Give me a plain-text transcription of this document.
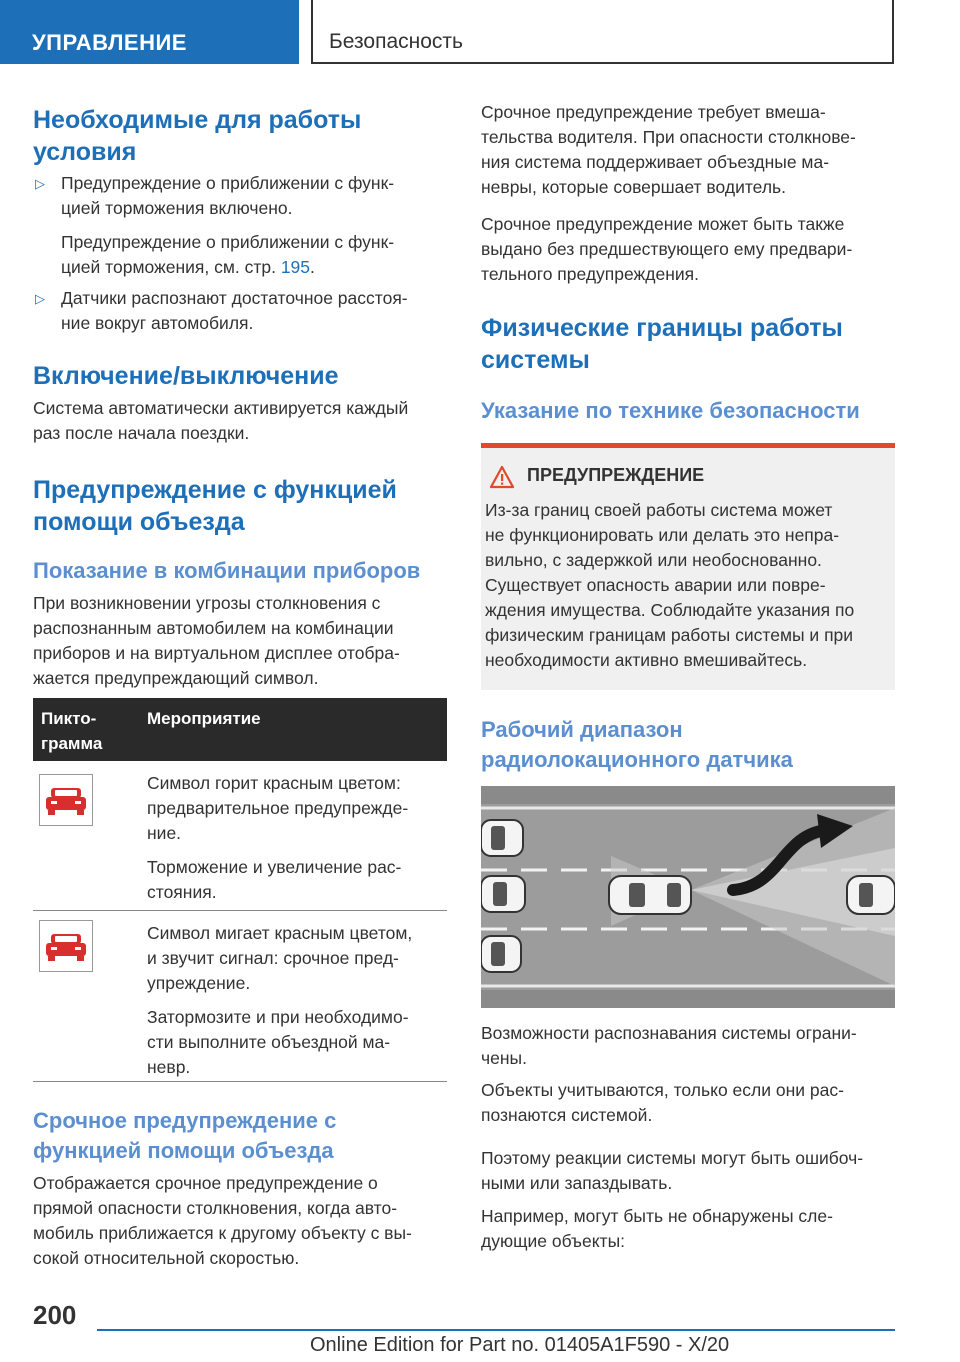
УПРАВЛЕНИЕ	Безопасность

Необходимые для работы

условия

▷ Предупреждение о приближении с функ-

цией торможения включено.

Предупреждение о приближении с функ-

цией торможения, см. стр. 195.

▷ Датчики распознают достаточное расстоя-

ние вокруг автомобиля.

Включение/выключение

Система автоматически активируется каждый

раз после начала поездки.

Предупреждение с функцией

помощи объезда

Показание в комбинации приборов

При возникновении угрозы столкновения с

распознанным автомобилем на комбинации

приборов и на виртуальном дисплее отобра-

жается предупреждающий символ.

Пикто-
грамма
Мероприятие

Символ горит красным цветом:

предварительное предупрежде-

ние.

Торможение и увеличение рас-

стояния.

Символ мигает красным цветом,

и звучит сигнал: срочное пред-

упреждение.

Затормозите и при необходимо-

сти выполните объездной ма-

невр.

Срочное предупреждение с

функцией помощи объезда

Отображается срочное предупреждение о

прямой опасности столкновения, когда авто-

мобиль приближается к другому объекту с вы-

сокой относительной скоростью.

Срочное предупреждение требует вмеша-

тельства водителя. При опасности столкнове-

ния система поддерживает объездные ма-

невры, которые совершает водитель.

Срочное предупреждение может быть также

выдано без предшествующего ему предвари-

тельного предупреждения.

Физические границы работы

системы

Указание по технике безопасности

ПРЕДУПРЕЖДЕНИЕ

Из-за границ своей работы система может

не функционировать или делать это непра-

вильно, с задержкой или необоснованно.

Существует опасность аварии или повре-

ждения имущества. Соблюдайте указания по

физическим границам работы системы и при

необходимости активно вмешивайтесь.

Рабочий диапазон

радиолокационного датчика

Возможности распознавания системы ограни-

чены.

Объекты учитываются, только если они рас-

познаются системой.

Поэтому реакции системы могут быть ошибоч-

ными или запаздывать.

Например, могут быть не обнаружены сле-

дующие объекты:

200
Online Edition for Part no. 01405A1F590 - X/20
